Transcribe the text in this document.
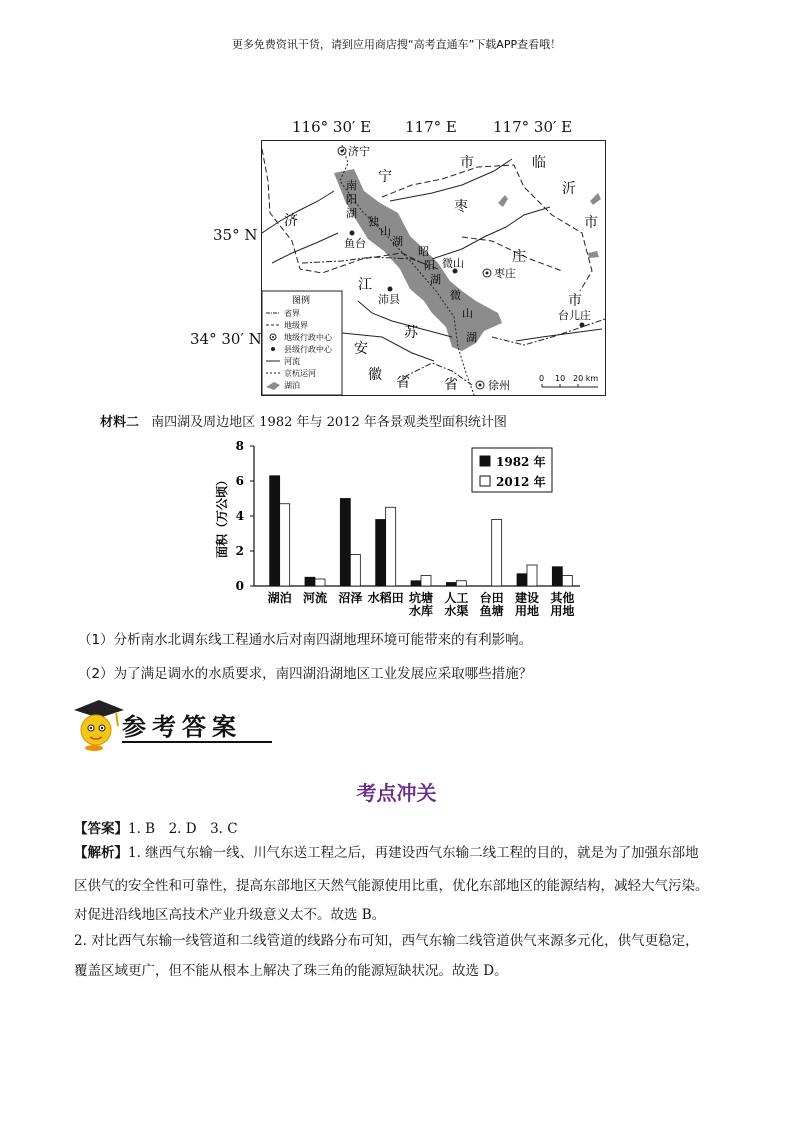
更多免费资讯干货，请到应用商店搜“高考直通车”下载APP查看哦！
116° 30′ E 117° E 117° 30′ E
35° N
34° 30′ N
济宁
鱼台
沛县
微山
枣庄
台儿庄
徐州
宁
市	临
沂
市
济
枣
庄
江
苏
市
安
徽 省 省
南
阳
湖
独
山
湖
昭
阳
湖
微
山
湖
图例
省界
地级界
地级行政中心
县级行政中心
河流
京杭运河
湖泊
0 10 20 km
材料二 南四湖及周边地区 1982 年与 2012 年各景观类型面积统计图
0
2
4
6
8
面积（万公顷）
湖泊 河流 沼泽 水稻田 坑塘
水库
人工
水渠
台田
鱼塘
建设
用地
其他
用地
1982 年
2012 年
（1）分析南水北调东线工程通水后对南四湖地理环境可能带来的有利影响。
（2）为了满足调水的水质要求，南四湖沿湖地区工业发展应采取哪些措施？
参考答案
考点冲关
【答案】1. B　2. D　3. C
【解析】1. 继西气东输一线、川气东送工程之后，再建设西气东输二线工程的目的，就是为了加强东部地
区供气的安全性和可靠性，提高东部地区天然气能源使用比重，优化东部地区的能源结构，减轻大气污染。
对促进沿线地区高技术产业升级意义太不。故选 B。
2. 对比西气东输一线管道和二线管道的线路分布可知，西气东输二线管道供气来源多元化，供气更稳定，
覆盖区域更广，但不能从根本上解决了珠三角的能源短缺状况。故选 D。
